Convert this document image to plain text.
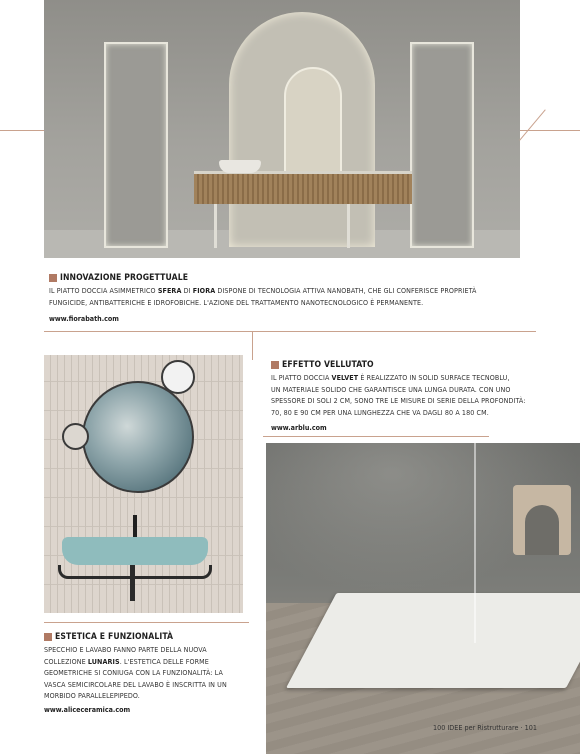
INNOVAZIONE PROGETTUALE
IL PIATTO DOCCIA ASIMMETRICO SFERA DI FIORA DISPONE DI TECNOLOGIA ATTIVA NANOBATH, CHE GLI CONFERISCE PROPRIETÀ
FUNGICIDE, ANTIBATTERICHE E IDROFOBICHE. L'AZIONE DEL TRATTAMENTO NANOTECNOLOGICO È PERMANENTE.
www.fiorabath.com
EFFETTO VELLUTATO
IL PIATTO DOCCIA VELVET È REALIZZATO IN SOLID SURFACE TECNOBLU,
UN MATERIALE SOLIDO CHE GARANTISCE UNA LUNGA DURATA. CON UNO
SPESSORE DI SOLI 2 CM, SONO TRE LE MISURE DI SERIE DELLA PROFONDITÀ:
70, 80 E 90 CM PER UNA LUNGHEZZA CHE VA DAGLI 80 A 180 CM.
www.arblu.com
ESTETICA E FUNZIONALITÀ
SPECCHIO E LAVABO FANNO PARTE DELLA NUOVA
COLLEZIONE LUNARIS. L'ESTETICA DELLE FORME
GEOMETRICHE SI CONIUGA CON LA FUNZIONALITÀ: LA
VASCA SEMICIRCOLARE DEL LAVABO È INSCRITTA IN UN
MORBIDO PARALLELEPIPEDO.
www.aliceceramica.com
100 IDEE per Ristrutturare · 101
